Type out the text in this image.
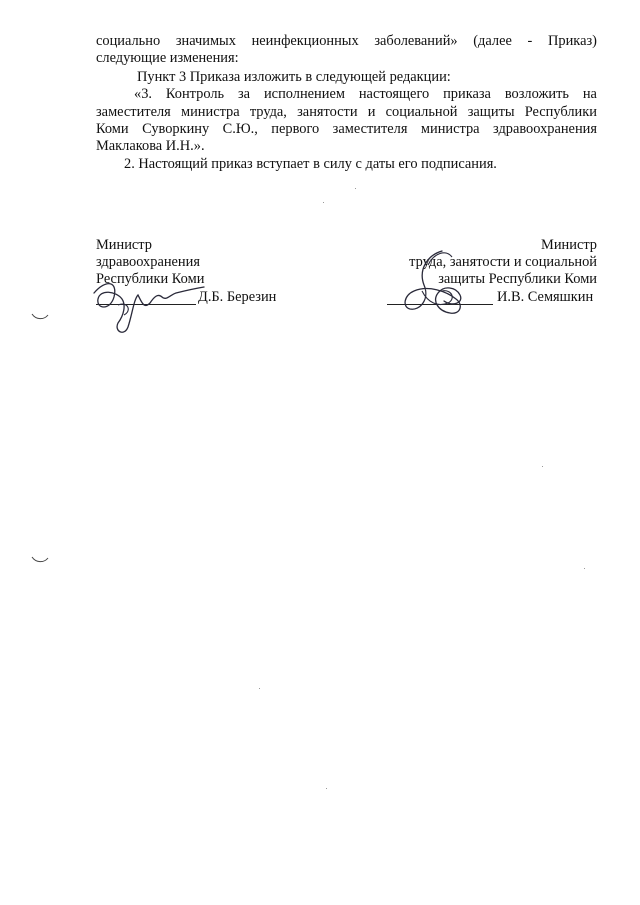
социально значимых неинфекционных заболеваний» (далее - Приказ)
следующие изменения:
Пункт 3 Приказа изложить в следующей редакции:
«3. Контроль за исполнением настоящего приказа возложить на
заместителя министра труда, занятости и социальной защиты Республики
Коми Суворкину С.Ю., первого заместителя министра здравоохранения
Маклакова И.Н.».
2. Настоящий приказ вступает в силу с даты его подписания.
Министр
здравоохранения
Республики Коми
Д.Б. Березин
Министр
труда, занятости и социальной
защиты Республики Коми
И.В. Семяшкин
